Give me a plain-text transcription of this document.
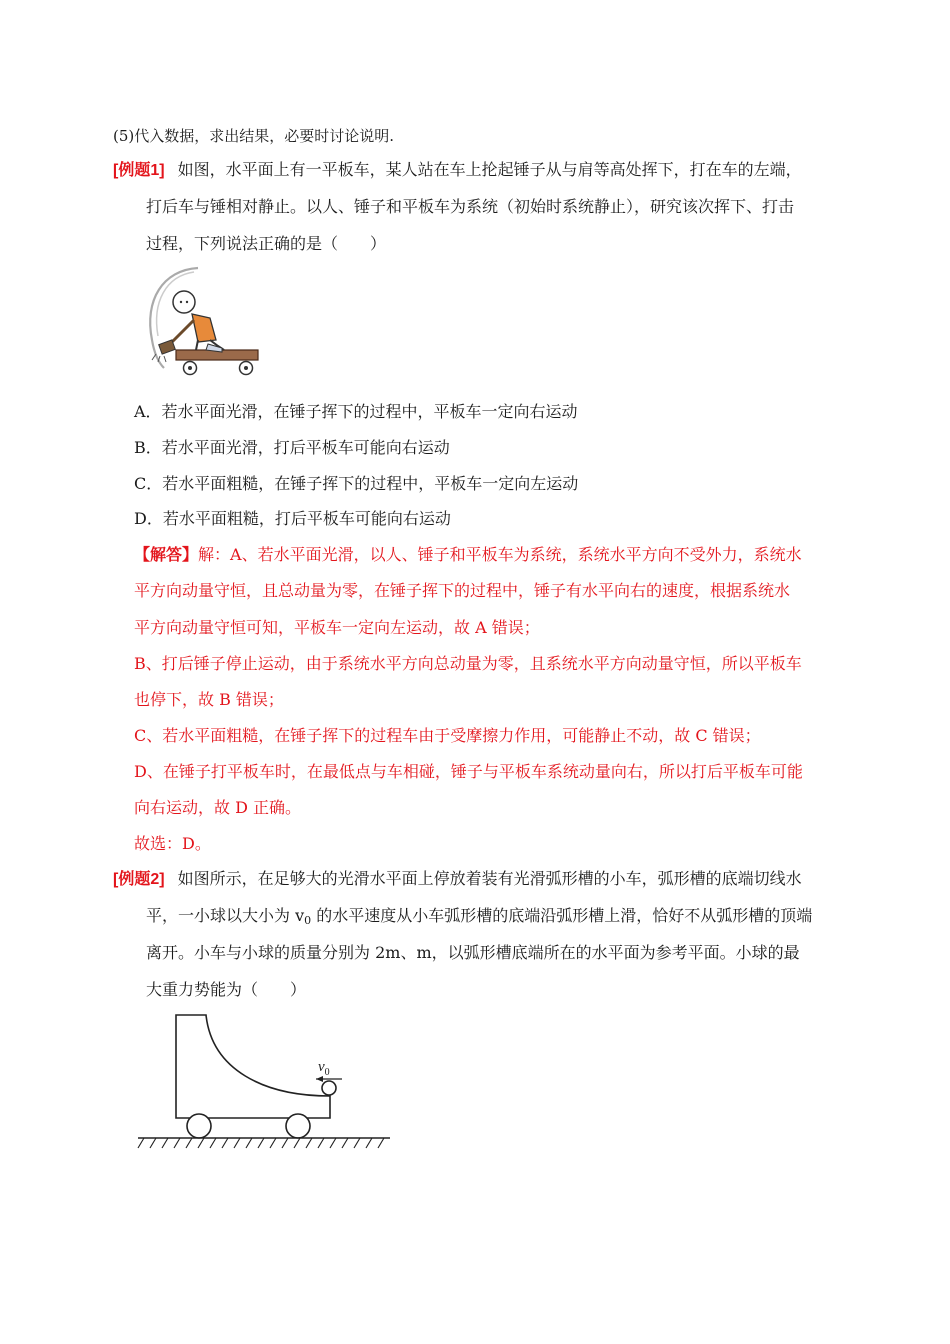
(5)代入数据，求出结果，必要时讨论说明.
[例题1] 如图，水平面上有一平板车，某人站在车上抡起锤子从与肩等高处挥下，打在车的左端，
打后车与锤相对静止。以人、锤子和平板车为系统（初始时系统静止），研究该次挥下、打击
过程，下列说法正确的是（　　）
A．若水平面光滑，在锤子挥下的过程中，平板车一定向右运动
B．若水平面光滑，打后平板车可能向右运动
C．若水平面粗糙，在锤子挥下的过程中，平板车一定向左运动
D．若水平面粗糙，打后平板车可能向右运动
【解答】解：A、若水平面光滑，以人、锤子和平板车为系统，系统水平方向不受外力，系统水
平方向动量守恒，且总动量为零，在锤子挥下的过程中，锤子有水平向右的速度，根据系统水
平方向动量守恒可知，平板车一定向左运动，故 A 错误；
B、打后锤子停止运动，由于系统水平方向总动量为零，且系统水平方向动量守恒，所以平板车
也停下，故 B 错误；
C、若水平面粗糙，在锤子挥下的过程车由于受摩擦力作用，可能静止不动，故 C 错误；
D、在锤子打平板车时，在最低点与车相碰，锤子与平板车系统动量向右，所以打后平板车可能
向右运动，故 D 正确。
故选：D。
[例题2] 如图所示，在足够大的光滑水平面上停放着装有光滑弧形槽的小车，弧形槽的底端切线水
平，一小球以大小为 $v_0$ 的水平速度从小车弧形槽的底端沿弧形槽上滑，恰好不从弧形槽的顶端
离开。小车与小球的质量分别为 2m、m，以弧形槽底端所在的水平面为参考平面。小球的最
大重力势能为（　　）
$v_0$
